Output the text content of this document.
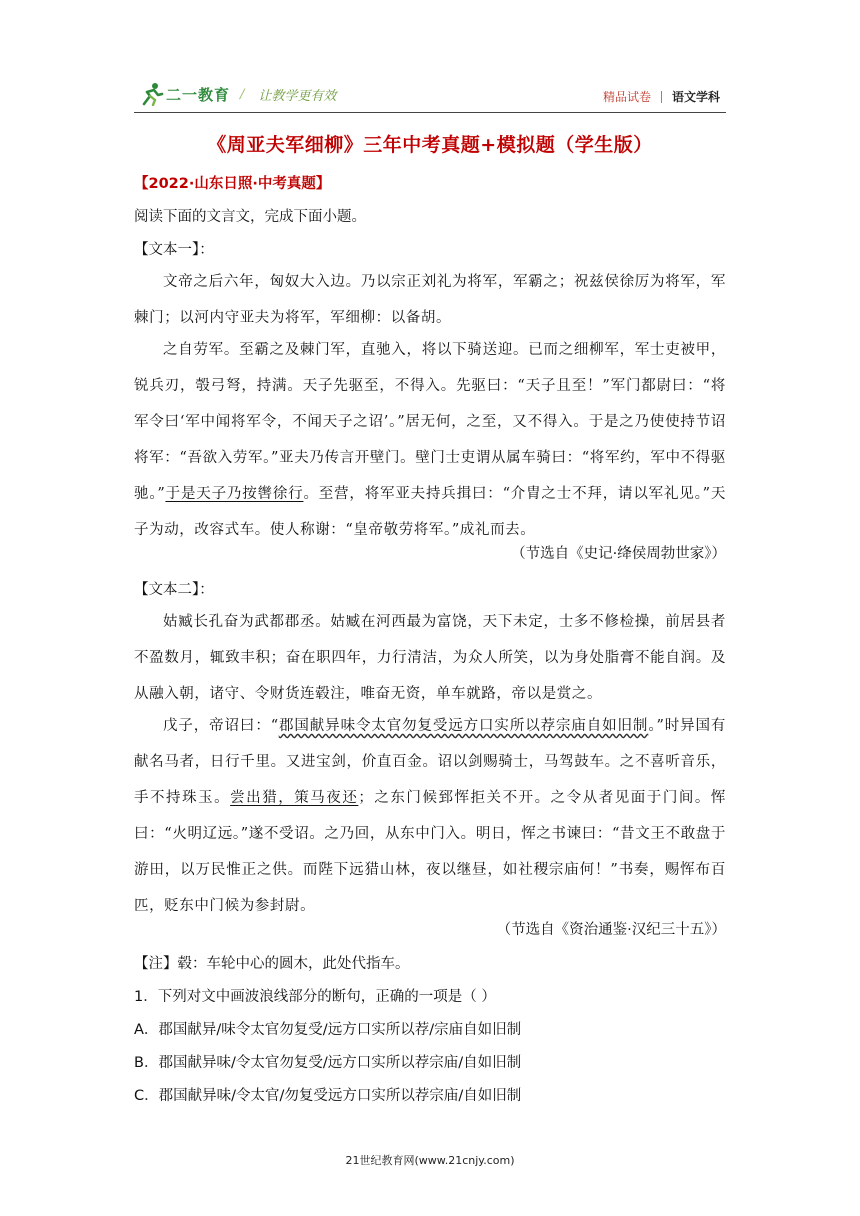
二一教育 / 让教学更有效	精品试卷 语文学科
《周亚夫军细柳》三年中考真题+模拟题（学生版）
【2022·山东日照·中考真题】
阅读下面的文言文，完成下面小题。
【文本一】：
文帝之后六年，匈奴大入边。乃以宗正刘礼为将军，军霸之；祝兹侯徐厉为将军，军棘门；以河内守亚夫为将军，军细柳：以备胡。
之自劳军。至霸之及棘门军，直驰入，将以下骑送迎。已而之细柳军，军士吏被甲，锐兵刃，彀弓弩，持满。天子先驱至，不得入。先驱曰：“天子且至！”军门都尉曰：“将军令曰‘军中闻将军令，不闻天子之诏’。”居无何，之至，又不得入。于是之乃使使持节诏将军：“吾欲入劳军。”亚夫乃传言开壁门。壁门士吏谓从属车骑曰：“将军约，军中不得驱驰。”于是天子乃按辔徐行。至营，将军亚夫持兵揖曰：“介胄之士不拜，请以军礼见。”天子为动，改容式车。使人称谢：“皇帝敬劳将军。”成礼而去。
（节选自《史记·绛侯周勃世家》）
【文本二】：
姑臧长孔奋为武都郡丞。姑臧在河西最为富饶，天下未定，士多不修检操，前居县者不盈数月，辄致丰积；奋在职四年，力行清洁，为众人所笑，以为身处脂膏不能自润。及从融入朝，诸守、令财货连毂注，唯奋无资，单车就路，帝以是赏之。
戊子，帝诏曰：“郡国献异味令太官勿复受远方口实所以荐宗庙自如旧制。”时异国有献名马者，日行千里。又进宝剑，价直百金。诏以剑赐骑士，马驾鼓车。之不喜听音乐，手不持珠玉。尝出猎，策马夜还；之东门候郅恽拒关不开。之令从者见面于门间。恽曰：“火明辽远。”遂不受诏。之乃回，从东中门入。明日，恽之书谏曰：“昔文王不敢盘于游田，以万民惟正之供。而陛下远猎山林，夜以继昼，如社稷宗庙何！”书奏，赐恽布百匹，贬东中门候为参封尉。
（节选自《资治通鉴·汉纪三十五》）
【注】毂：车轮中心的圆木，此处代指车。
1．下列对文中画波浪线部分的断句，正确的一项是（ ）
A．郡国献异/味令太官勿复受/远方口实所以荐/宗庙自如旧制
B．郡国献异味/令太官勿复受/远方口实所以荐宗庙/自如旧制
C．郡国献异味/令太官/勿复受远方口实所以荐宗庙/自如旧制
21世纪教育网(www.21cnjy.com)
